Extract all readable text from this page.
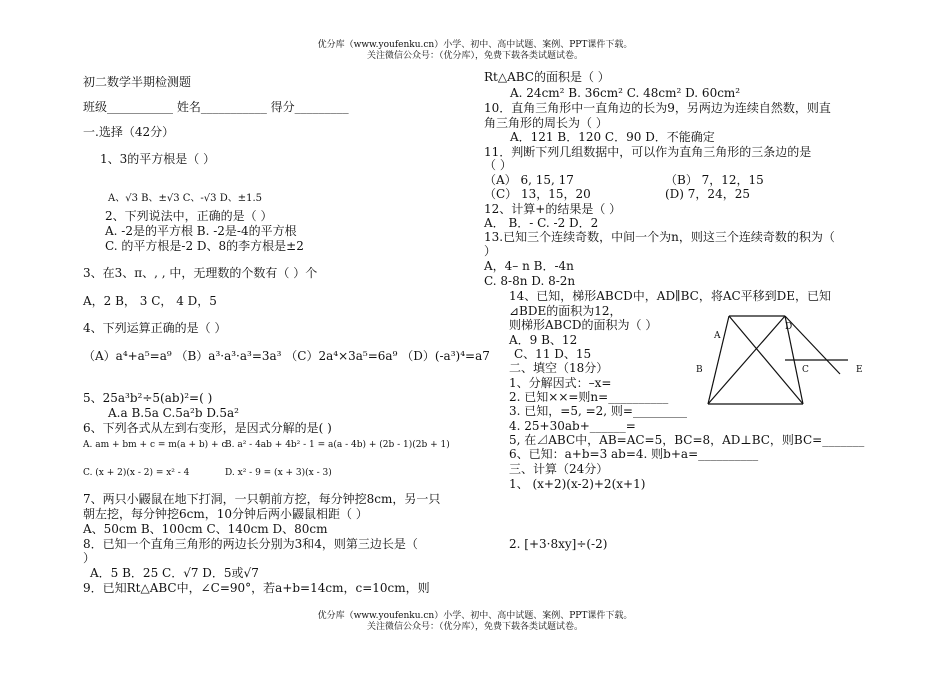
优分库（www.youfenku.cn）小学、初中、高中试题、案例、PPT课件下载。
关注微信公众号：（优分库），免费下载各类试题试卷。
初二数学半期检测题
班级___________ 姓名___________ 得分_________
一.选择（42分）
1、3的平方根是（ ）
A、√3 B、±√3 C、-√3 D、±1.5
2、下列说法中，正确的是（ ）
A. -2是的平方根 B. -2是-4的平方根
C. 的平方根是-2 D、8的李方根是±2
3、在3、π、, , 中，无理数的个数有（ ）个
A，2 B， 3 C， 4 D，5
4、下列运算正确的是（ ）
（A）a⁴+a⁵=a⁹ （B）a³·a³·a³=3a³ （C）2a⁴×3a⁵=6a⁹ （D）(-a³)⁴=a7
5、25a³b²÷5(ab)²=( )
A.a B.5a C.5a²b D.5a²
6、下列各式从左到右变形，是因式分解的是( )
A. am + bm + c = m(a + b) + c
B. a² - 4ab + 4b² - 1 = a(a - 4b) + (2b - 1)(2b + 1)
C. (x + 2)(x - 2) = x² - 4	D. x² - 9 = (x + 3)(x - 3)
7、两只小鼹鼠在地下打洞，一只朝前方挖，每分钟挖8cm，另一只
朝左挖，每分钟挖6cm，10分钟后两小鼹鼠相距（ ）
A、50cm B、100cm C、140cm D、80cm
8．已知一个直角三角形的两边长分别为3和4，则第三边长是（
）
A．5 B．25 C．√7 D．5或√7
9．已知Rt△ABC中，∠C=90°，若a+b=14cm，c=10cm，则
Rt△ABC的面积是（ ）
A. 24cm² B. 36cm² C. 48cm² D. 60cm²
10．直角三角形中一直角边的长为9，另两边为连续自然数，则直
角三角形的周长为（ ）
A．121 B．120 C．90 D．不能确定
11．判断下列几组数据中，可以作为直角三角形的三条边的是
（ ）
（A） 6, 15, 17	（B） 7，12，15
（C） 13，15，20	(D) 7，24，25
12、计算+的结果是（ ）
A． B．- C. -2 D．2
13.已知三个连续奇数，中间一个为n，则这三个连续奇数的积为（
）
A，4– n B．-4n
C. 8-8n D. 8-2n
14、已知，梯形ABCD中，AD∥BC，将AC平移到DE，已知
⊿BDE的面积为12，
则梯形ABCD的面积为（ ）
A．9 B、12
C、11 D、15
二、填空（18分）
1、分解因式：–x=
2. 已知××=则n=__________
3. 已知，=5, =2, 则=_________
4. 25+30ab+______=
5, 在⊿ABC中，AB=AC=5，BC=8，AD⊥BC，则BC=_______
6、已知：a+b=3 ab=4. 则b+a=__________
三、计算（24分）
1、 (x+2)(x-2)+2(x+1)
2. [+3·8xy]÷(-2)
A
D
B	C	E
优分库（www.youfenku.cn）小学、初中、高中试题、案例、PPT课件下载。
关注微信公众号：（优分库），免费下载各类试题试卷。
